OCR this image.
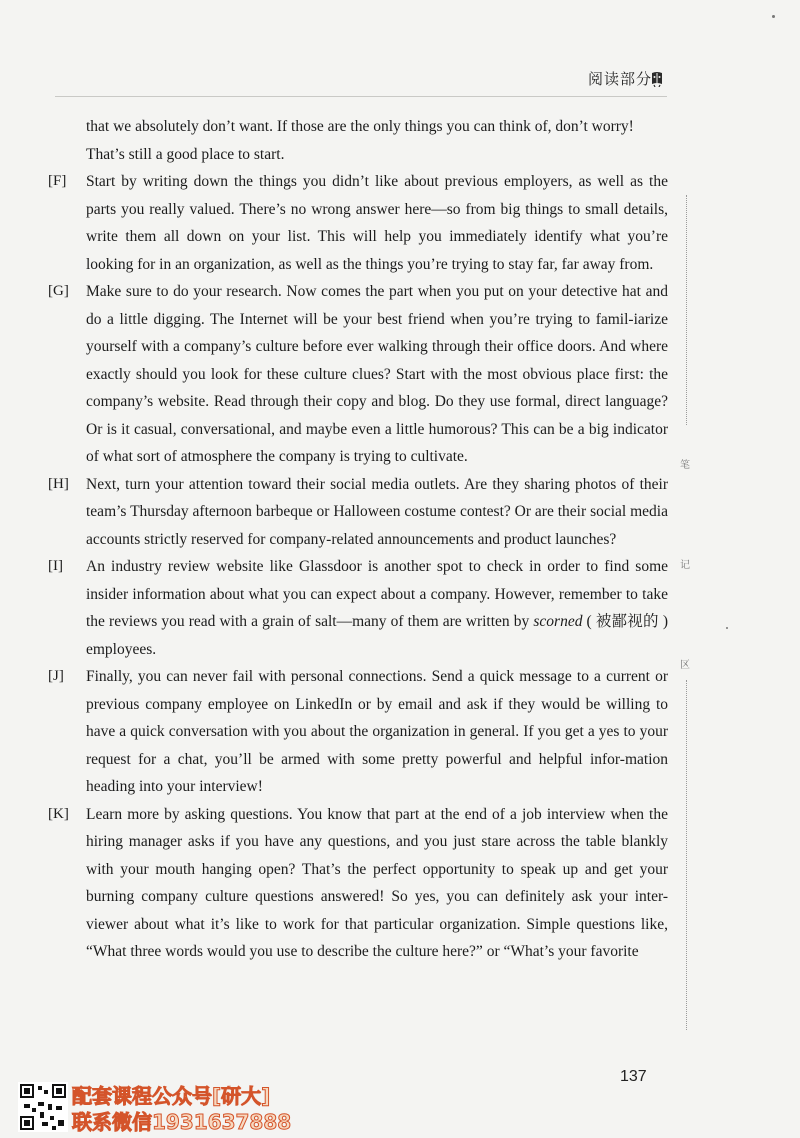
阅读部分
that we absolutely don’t want. If those are the only things you can think of, don’t worry!
That’s still a good place to start.
[F]	Start by writing down the things you didn’t like about previous employers, as well as the parts you really valued. There’s no wrong answer here—so from big things to small details, write them all down on your list. This will help you immediately identify what you’re looking for in an organization, as well as the things you’re trying to stay far, far away from.
[G]	Make sure to do your research. Now comes the part when you put on your detective hat and do a little digging. The Internet will be your best friend when you’re trying to famil-iarize yourself with a company’s culture before ever walking through their office doors. And where exactly should you look for these culture clues? Start with the most obvious place first: the company’s website. Read through their copy and blog. Do they use formal, direct language? Or is it casual, conversational, and maybe even a little humorous? This can be a big indicator of what sort of atmosphere the company is trying to cultivate.
[H]	Next, turn your attention toward their social media outlets. Are they sharing photos of their team’s Thursday afternoon barbeque or Halloween costume contest? Or are their social media accounts strictly reserved for company-related announcements and product launches?
[I]	An industry review website like Glassdoor is another spot to check in order to find some insider information about what you can expect about a company. However, remember to take the reviews you read with a grain of salt—many of them are written by scorned ( 被鄙视的 ) employees.
[J]	Finally, you can never fail with personal connections. Send a quick message to a current or previous company employee on LinkedIn or by email and ask if they would be willing to have a quick conversation with you about the organization in general. If you get a yes to your request for a chat, you’ll be armed with some pretty powerful and helpful infor-mation heading into your interview!
[K]	Learn more by asking questions. You know that part at the end of a job interview when the hiring manager asks if you have any questions, and you just stare across the table blankly with your mouth hanging open? That’s the perfect opportunity to speak up and get your burning company culture questions answered! So yes, you can definitely ask your inter-viewer about what it’s like to work for that particular organization. Simple questions like, “What three words would you use to describe the culture here?” or “What’s your favorite
笔
记
区
137
配套课程公众号[研大]
联系微信1931637888
